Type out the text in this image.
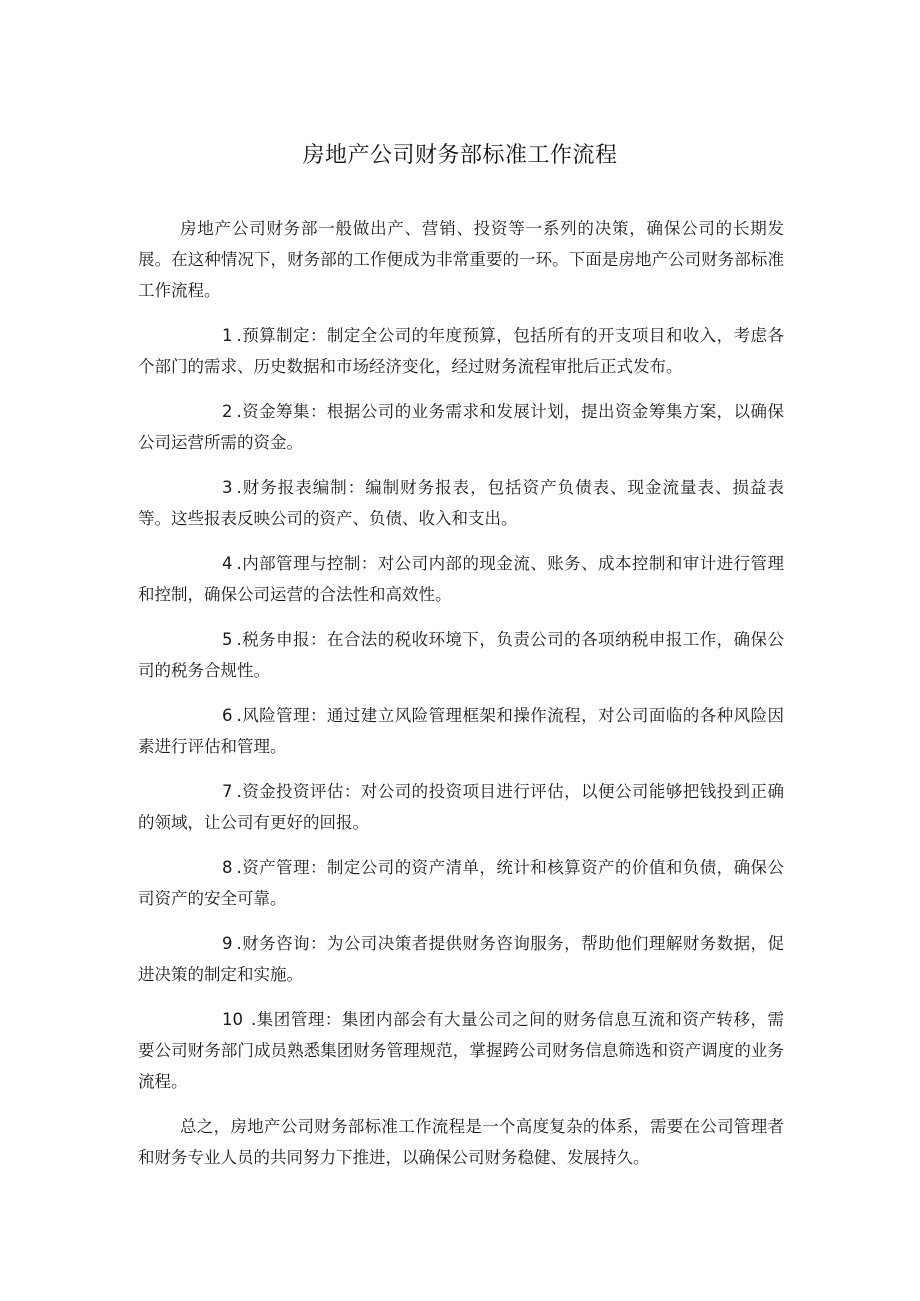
房地产公司财务部标准工作流程

房地产公司财务部一般做出产、营销、投资等一系列的决策，确保公司的长期发展。在这种情况下，财务部的工作便成为非常重要的一环。下面是房地产公司财务部标准工作流程。

1 .预算制定：制定全公司的年度预算，包括所有的开支项目和收入，考虑各个部门的需求、历史数据和市场经济变化，经过财务流程审批后正式发布。

2 .资金筹集：根据公司的业务需求和发展计划，提出资金筹集方案，以确保公司运营所需的资金。

3 .财务报表编制：编制财务报表，包括资产负债表、现金流量表、损益表等。这些报表反映公司的资产、负债、收入和支出。

4 .内部管理与控制：对公司内部的现金流、账务、成本控制和审计进行管理和控制，确保公司运营的合法性和高效性。

5 .税务申报：在合法的税收环境下，负责公司的各项纳税申报工作，确保公司的税务合规性。

6 .风险管理：通过建立风险管理框架和操作流程，对公司面临的各种风险因素进行评估和管理。

7 .资金投资评估：对公司的投资项目进行评估，以便公司能够把钱投到正确的领域，让公司有更好的回报。

8 .资产管理：制定公司的资产清单，统计和核算资产的价值和负债，确保公司资产的安全可靠。

9 .财务咨询：为公司决策者提供财务咨询服务，帮助他们理解财务数据，促进决策的制定和实施。

10 .集团管理：集团内部会有大量公司之间的财务信息互流和资产转移，需要公司财务部门成员熟悉集团财务管理规范，掌握跨公司财务信息筛选和资产调度的业务流程。

总之，房地产公司财务部标准工作流程是一个高度复杂的体系，需要在公司管理者和财务专业人员的共同努力下推进，以确保公司财务稳健、发展持久。
